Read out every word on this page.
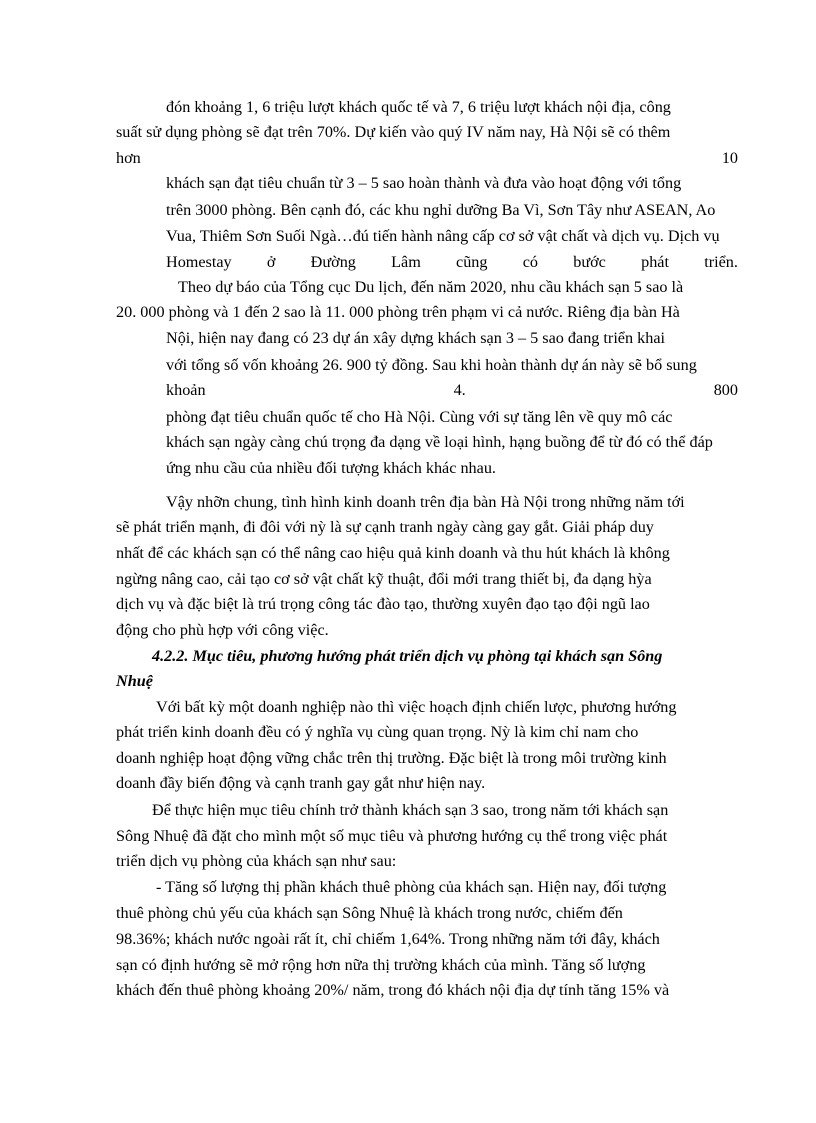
đón khoảng 1, 6 triệu lượt khách quốc tế và 7, 6 triệu lượt khách nội địa, công

suất sử dụng phòng sẽ đạt trên 70%. Dự kiến vào quý IV năm nay, Hà Nội sẽ có thêm

hơn	10

khách sạn đạt tiêu chuẩn từ 3 – 5 sao hoàn thành và đưa vào hoạt động với tổng

trên 3000 phòng. Bên cạnh đó, các khu nghỉ dưỡng Ba Vì, Sơn Tây như ASEAN, Ao

Vua, Thiêm Sơn Suối Ngà…đú tiến hành nâng cấp cơ sở vật chất và dịch vụ. Dịch vụ

Homestay ở Đường Lâm cũng có bước phát triển.

Theo dự báo của Tổng cục Du lịch, đến năm 2020, nhu cầu khách sạn 5 sao là

20. 000 phòng và 1 đến 2 sao là 11. 000 phòng trên phạm vi cả nước. Riêng địa bàn Hà

Nội, hiện nay đang có 23 dự án xây dựng khách sạn 3 – 5 sao đang triển khai

với tổng số vốn khoảng 26. 900 tỷ đồng. Sau khi hoàn thành dự án này sẽ bổ sung

khoản	4.	800

phòng đạt tiêu chuẩn quốc tế cho Hà Nội. Cùng với sự tăng lên về quy mô các

khách sạn ngày càng chú trọng đa dạng về loại hình, hạng buồng để từ đó có thể đáp

ứng nhu cầu của nhiều đối tượng khách khác nhau.

Vậy nhỡn chung, tình hình kinh doanh trên địa bàn Hà Nội trong những năm tới

sẽ phát triển mạnh, đi đôi với nỳ là sự cạnh tranh ngày càng gay gắt. Giải pháp duy

nhất để các khách sạn có thể nâng cao hiệu quả kinh doanh và thu hút khách là không

ngừng nâng cao, cải tạo cơ sở vật chất kỹ thuật, đổi mới trang thiết bị, đa dạng hỳa

dịch vụ và đặc biệt là trú trọng công tác đào tạo, thường xuyên đạo tạo đội ngũ lao

động cho phù hợp với công việc.

4.2.2. Mục tiêu, phương hướng phát triển dịch vụ phòng tại khách sạn Sông

Nhuệ

Với bất kỳ một doanh nghiệp nào thì việc hoạch định chiến lược, phương hướng

phát triển kinh doanh đều có ý nghĩa vụ cùng quan trọng. Nỳ là kim chỉ nam cho

doanh nghiệp hoạt động vững chắc trên thị trường. Đặc biệt là trong môi trường kinh

doanh đầy biến động và cạnh tranh gay gắt như hiện nay.

Để thực hiện mục tiêu chính trở thành khách sạn 3 sao, trong năm tới khách sạn

Sông Nhuệ đã đặt cho mình một số mục tiêu và phương hướng cụ thể trong việc phát

triển dịch vụ phòng của khách sạn như sau:

- Tăng số lượng thị phần khách thuê phòng của khách sạn. Hiện nay, đối tượng

thuê phòng chủ yếu của khách sạn Sông Nhuệ là khách trong nước, chiếm đến

98.36%; khách nước ngoài rất ít, chỉ chiếm 1,64%. Trong những năm tới đây, khách

sạn có định hướng sẽ mở rộng hơn nữa thị trường khách của mình. Tăng số lượng

khách đến thuê phòng khoảng 20%/ năm, trong đó khách nội địa dự tính tăng 15% và
